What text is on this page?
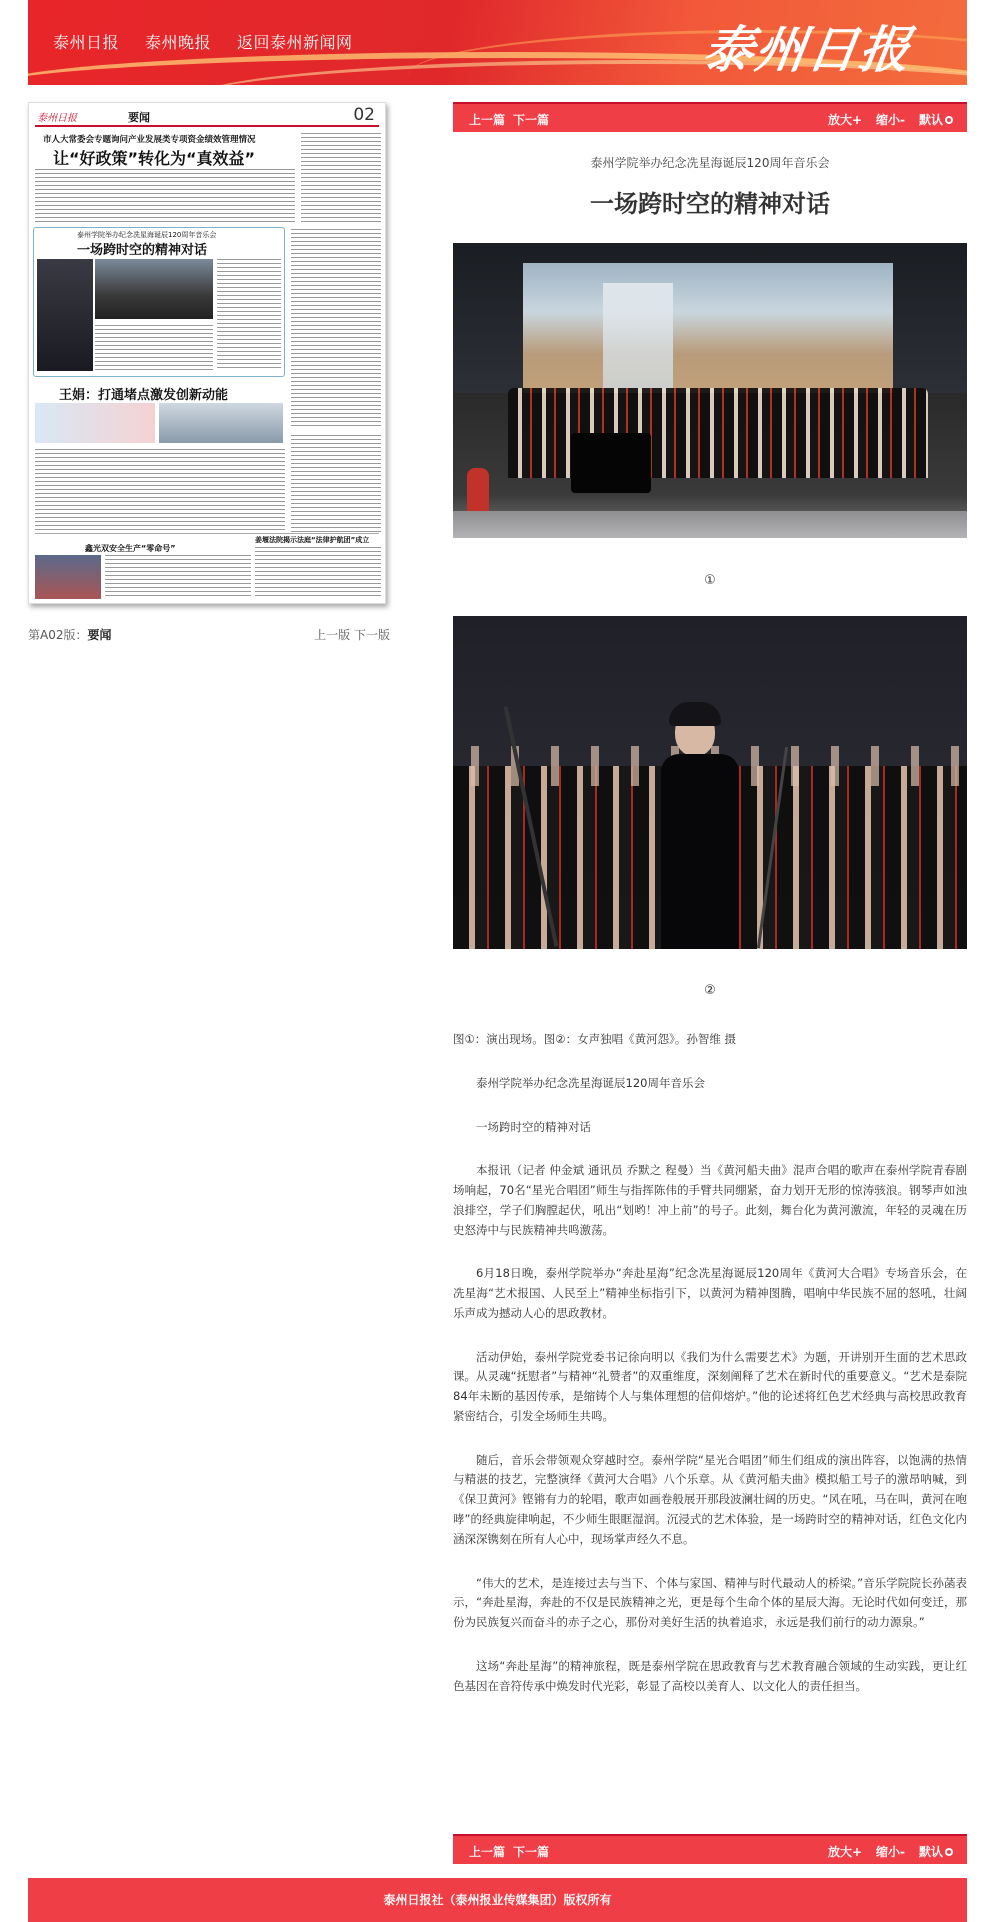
泰州日报 泰州晚报 返回泰州新闻网	泰州日报
泰州日报	要闻	02
市人大常委会专题询问产业发展类专项资金绩效管理情况
让“好政策”转化为“真效益”
泰州学院举办纪念冼星海诞辰120周年音乐会
一场跨时空的精神对话
王娟：打通堵点激发创新动能
鑫光双安全生产“零命号”
姜堰法院揭示法庭“法律护航团”成立
第A02版：要闻	上一版 下一版
上一篇 下一篇	放大+ 缩小- 默认
泰州学院举办纪念冼星海诞辰120周年音乐会
一场跨时空的精神对话
①
②

图①：演出现场。图②：女声独唱《黄河怨》。孙智维 摄

泰州学院举办纪念冼星海诞辰120周年音乐会

一场跨时空的精神对话

本报讯（记者 仲金斌 通讯员 乔默之 程曼）当《黄河船夫曲》混声合唱的歌声在泰州学院青春剧场响起，70名“星光合唱团”师生与指挥陈伟的手臂共同绷紧，奋力划开无形的惊涛骇浪。钢琴声如浊浪排空，学子们胸膛起伏，吼出“划哟！冲上前”的号子。此刻，舞台化为黄河激流，年轻的灵魂在历史怒涛中与民族精神共鸣激荡。

6月18日晚，泰州学院举办“奔赴星海”纪念冼星海诞辰120周年《黄河大合唱》专场音乐会，在冼星海“艺术报国、人民至上”精神坐标指引下，以黄河为精神图腾，唱响中华民族不屈的怒吼，壮阔乐声成为撼动人心的思政教材。

活动伊始，泰州学院党委书记徐向明以《我们为什么需要艺术》为题，开讲别开生面的艺术思政课。从灵魂“抚慰者”与精神“礼赞者”的双重维度，深刻阐释了艺术在新时代的重要意义。“艺术是泰院84年未断的基因传承，是缩铸个人与集体理想的信仰熔炉。”他的论述将红色艺术经典与高校思政教育紧密结合，引发全场师生共鸣。

随后，音乐会带领观众穿越时空。泰州学院“星光合唱团”师生们组成的演出阵容，以饱满的热情与精湛的技艺，完整演绎《黄河大合唱》八个乐章。从《黄河船夫曲》模拟船工号子的激昂呐喊，到《保卫黄河》铿锵有力的轮唱，歌声如画卷般展开那段波澜壮阔的历史。“风在吼，马在叫，黄河在咆哮”的经典旋律响起，不少师生眼眶湿润。沉浸式的艺术体验，是一场跨时空的精神对话，红色文化内涵深深镌刻在所有人心中，现场掌声经久不息。

“伟大的艺术，是连接过去与当下、个体与家国、精神与时代最动人的桥梁。”音乐学院院长孙菡表示，“奔赴星海，奔赴的不仅是民族精神之光，更是每个生命个体的星辰大海。无论时代如何变迁，那份为民族复兴而奋斗的赤子之心，那份对美好生活的执着追求，永远是我们前行的动力源泉。”

这场“奔赴星海”的精神旅程，既是泰州学院在思政教育与艺术教育融合领域的生动实践，更让红色基因在音符传承中焕发时代光彩，彰显了高校以美育人、以文化人的责任担当。

上一篇 下一篇	放大+ 缩小- 默认
泰州日报社（泰州报业传媒集团）版权所有
